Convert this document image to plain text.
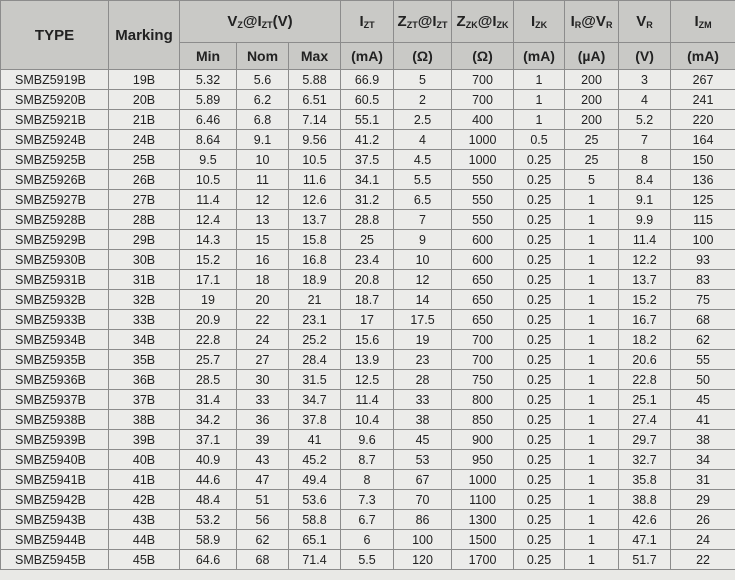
TYPE	Marking	$V_Z@I_{ZT}(V)$			$I_{ZT}$	$Z_{ZT}@I_{ZT}$	$Z_{ZK}@I_{ZK}$	$I_{ZK}$	$I_R@V_R$	$V_R$	$I_{ZM}$
		Min	Nom	Max	(mA)	(Ω)	(Ω)	(mA)	(µA)	(V)	(mA)
SMBZ5919B	19B	5.32	5.6	5.88	66.9	5	700	1	200	3	267
SMBZ5920B	20B	5.89	6.2	6.51	60.5	2	700	1	200	4	241
SMBZ5921B	21B	6.46	6.8	7.14	55.1	2.5	400	1	200	5.2	220
SMBZ5924B	24B	8.64	9.1	9.56	41.2	4	1000	0.5	25	7	164
SMBZ5925B	25B	9.5	10	10.5	37.5	4.5	1000	0.25	25	8	150
SMBZ5926B	26B	10.5	11	11.6	34.1	5.5	550	0.25	5	8.4	136
SMBZ5927B	27B	11.4	12	12.6	31.2	6.5	550	0.25	1	9.1	125
SMBZ5928B	28B	12.4	13	13.7	28.8	7	550	0.25	1	9.9	115
SMBZ5929B	29B	14.3	15	15.8	25	9	600	0.25	1	11.4	100
SMBZ5930B	30B	15.2	16	16.8	23.4	10	600	0.25	1	12.2	93
SMBZ5931B	31B	17.1	18	18.9	20.8	12	650	0.25	1	13.7	83
SMBZ5932B	32B	19	20	21	18.7	14	650	0.25	1	15.2	75
SMBZ5933B	33B	20.9	22	23.1	17	17.5	650	0.25	1	16.7	68
SMBZ5934B	34B	22.8	24	25.2	15.6	19	700	0.25	1	18.2	62
SMBZ5935B	35B	25.7	27	28.4	13.9	23	700	0.25	1	20.6	55
SMBZ5936B	36B	28.5	30	31.5	12.5	28	750	0.25	1	22.8	50
SMBZ5937B	37B	31.4	33	34.7	11.4	33	800	0.25	1	25.1	45
SMBZ5938B	38B	34.2	36	37.8	10.4	38	850	0.25	1	27.4	41
SMBZ5939B	39B	37.1	39	41	9.6	45	900	0.25	1	29.7	38
SMBZ5940B	40B	40.9	43	45.2	8.7	53	950	0.25	1	32.7	34
SMBZ5941B	41B	44.6	47	49.4	8	67	1000	0.25	1	35.8	31
SMBZ5942B	42B	48.4	51	53.6	7.3	70	1100	0.25	1	38.8	29
SMBZ5943B	43B	53.2	56	58.8	6.7	86	1300	0.25	1	42.6	26
SMBZ5944B	44B	58.9	62	65.1	6	100	1500	0.25	1	47.1	24
SMBZ5945B	45B	64.6	68	71.4	5.5	120	1700	0.25	1	51.7	22
